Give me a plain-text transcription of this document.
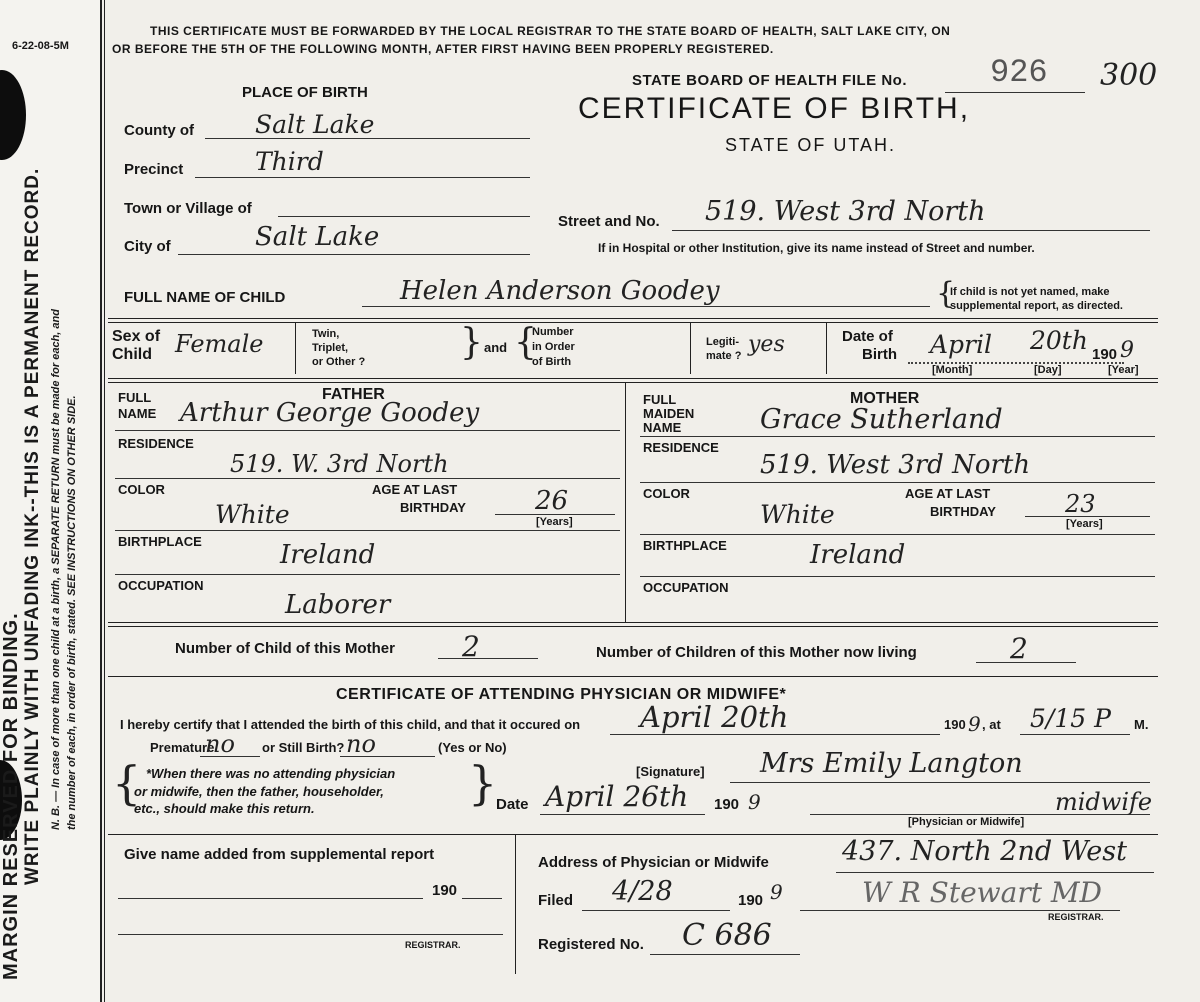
6-22-08-5M
MARGIN RESERVED FOR BINDING. WRITE PLAINLY WITH UNFADING INK--THIS IS A PERMANENT RECORD. N. B. — In case of more than one child at a birth, a SEPARATE RETURN must be made for each, and the number of each, in order of birth, stated. SEE INSTRUCTIONS ON OTHER SIDE.
THIS CERTIFICATE MUST BE FORWARDED BY THE LOCAL REGISTRAR TO THE STATE BOARD OF HEALTH, SALT LAKE CITY, ON
OR BEFORE THE 5TH OF THE FOLLOWING MONTH, AFTER FIRST HAVING BEEN PROPERLY REGISTERED.
STATE BOARD OF HEALTH FILE No.	926 300
CERTIFICATE OF BIRTH,
STATE OF UTAH.
PLACE OF BIRTH
County of Salt Lake
Precinct	Third
Town or Village of
City of	Salt Lake
Street and No. 519. West 3rd North
If in Hospital or other Institution, give its name instead of Street and number.
FULL NAME OF CHILD	Helen Anderson Goodey	{
If child is not yet named, make
supplemental report, as directed.
Sex of
Child Female	Twin,
Triplet,
or Other ?	} and {
Number
in Order
of Birth
Legiti-
mate ? yes	Date of
Birth April 20th 190 9
[Month]	[Day]	[Year]
FATHER
FULL
NAME Arthur George Goodey
RESIDENCE
519. W. 3rd North
COLOR
White
AGE AT LAST
BIRTHDAY	26
[Years]
BIRTHPLACE	Ireland
OCCUPATION
Laborer
MOTHER
FULL
MAIDEN
NAME	Grace Sutherland
RESIDENCE
519. West 3rd North
COLOR
White
AGE AT LAST
BIRTHDAY	23
[Years]
BIRTHPLACE	Ireland
OCCUPATION
Number of Child of this Mother 2	Number of Children of this Mother now living	2
CERTIFICATE OF ATTENDING PHYSICIAN OR MIDWIFE*
I hereby certify that I attended the birth of this child, and that it occured on April 20th	190 9 , at 5/15 P M.
Premature
no or Still Birth? no	(Yes or No)
{ *When there was no attending physician
or midwife, then the father, householder,
etc., should make this return.	}	[Signature] Mrs Emily Langton
Date April 26th 190 9	midwife
[Physician or Midwife]
Give name added from supplemental report
190
REGISTRAR.
Address of Physician or Midwife	437. North 2nd West
Filed 4/28	190 9	W R Stewart MD
REGISTRAR.
Registered No. C 686
